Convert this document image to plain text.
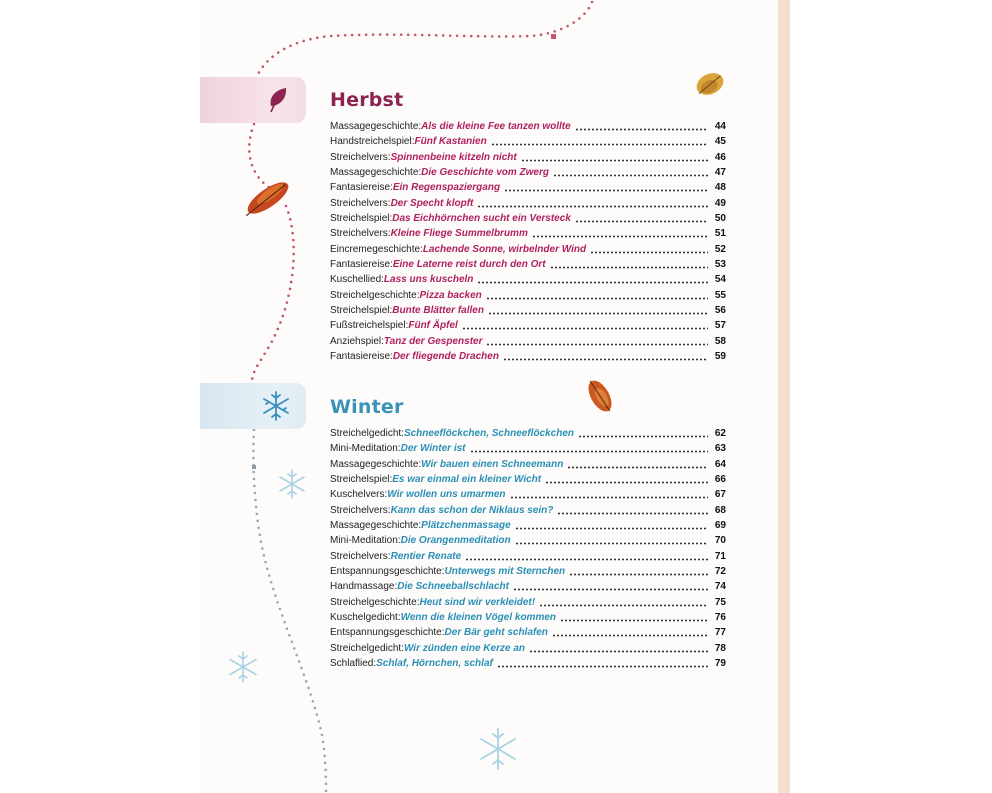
Herbst
Massagegeschichte: Als die kleine Fee tanzen wollte	44
Handstreichelspiel: Fünf Kastanien	45
Streichelvers: Spinnenbeine kitzeln nicht	46
Massagegeschichte: Die Geschichte vom Zwerg	47
Fantasiereise: Ein Regenspaziergang	48
Streichelvers: Der Specht klopft	49
Streichelspiel: Das Eichhörnchen sucht ein Versteck	50
Streichelvers: Kleine Fliege Summelbrumm	51
Eincremegeschichte: Lachende Sonne, wirbelnder Wind	52
Fantasiereise: Eine Laterne reist durch den Ort	53
Kuschellied: Lass uns kuscheln	54
Streichelgeschichte: Pizza backen	55
Streichelspiel: Bunte Blätter fallen	56
Fußstreichelspiel: Fünf Äpfel	57
Anziehspiel: Tanz der Gespenster	58
Fantasiereise: Der fliegende Drachen	59
Winter
Streichelgedicht: Schneeflöckchen, Schneeflöckchen	62
Mini-Meditation: Der Winter ist	63
Massagegeschichte: Wir bauen einen Schneemann	64
Streichelspiel: Es war einmal ein kleiner Wicht	66
Kuschelvers: Wir wollen uns umarmen	67
Streichelvers: Kann das schon der Niklaus sein?	68
Massagegeschichte: Plätzchenmassage	69
Mini-Meditation: Die Orangenmeditation	70
Streichelvers: Rentier Renate	71
Entspannungsgeschichte: Unterwegs mit Sternchen	72
Handmassage: Die Schneeballschlacht	74
Streichelgeschichte: Heut sind wir verkleidet!	75
Kuschelgedicht: Wenn die kleinen Vögel kommen	76
Entspannungsgeschichte: Der Bär geht schlafen	77
Streichelgedicht: Wir zünden eine Kerze an	78
Schlaflied: Schlaf, Hörnchen, schlaf	79
